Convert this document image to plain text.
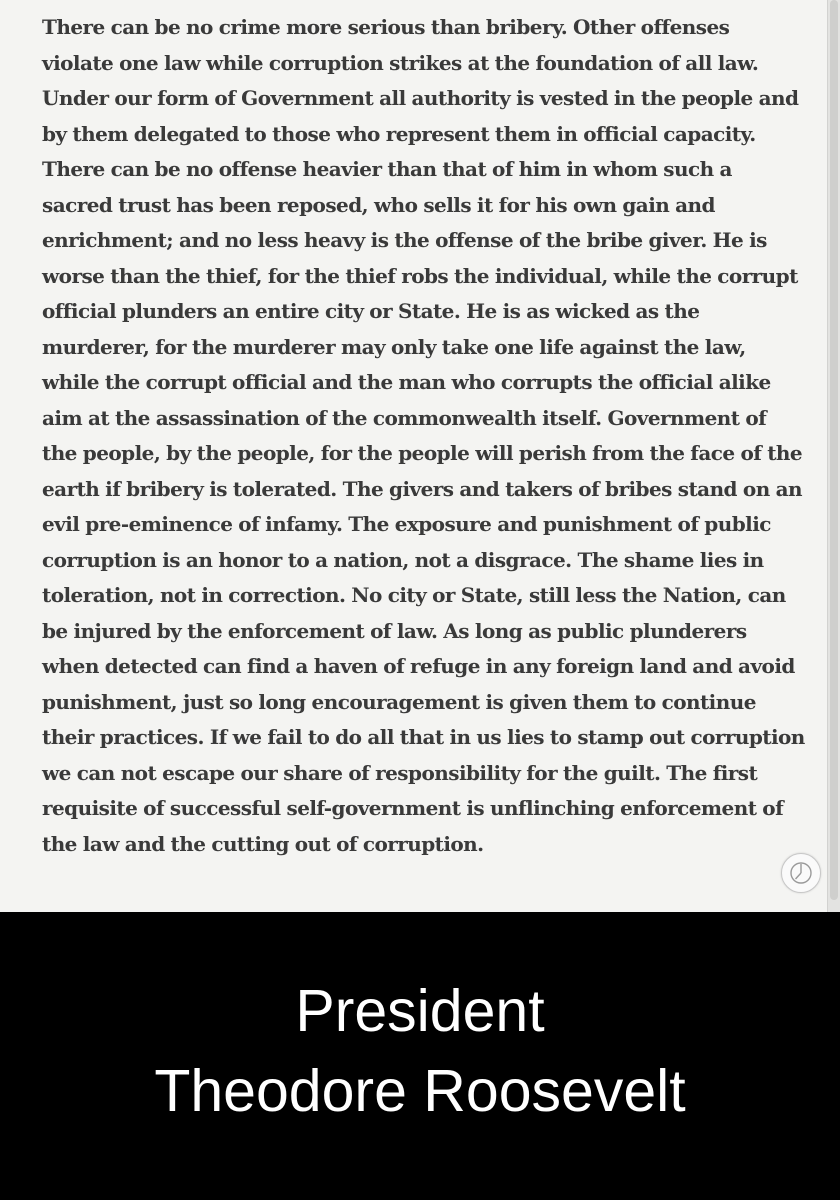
There can be no crime more serious than bribery. Other offenses
violate one law while corruption strikes at the foundation of all law.
Under our form of Government all authority is vested in the people and
by them delegated to those who represent them in official capacity.
There can be no offense heavier than that of him in whom such a
sacred trust has been reposed, who sells it for his own gain and
enrichment; and no less heavy is the offense of the bribe giver. He is
worse than the thief, for the thief robs the individual, while the corrupt
official plunders an entire city or State. He is as wicked as the
murderer, for the murderer may only take one life against the law,
while the corrupt official and the man who corrupts the official alike
aim at the assassination of the commonwealth itself. Government of
the people, by the people, for the people will perish from the face of the
earth if bribery is tolerated. The givers and takers of bribes stand on an
evil pre-eminence of infamy. The exposure and punishment of public
corruption is an honor to a nation, not a disgrace. The shame lies in
toleration, not in correction. No city or State, still less the Nation, can
be injured by the enforcement of law. As long as public plunderers
when detected can find a haven of refuge in any foreign land and avoid
punishment, just so long encouragement is given them to continue
their practices. If we fail to do all that in us lies to stamp out corruption
we can not escape our share of responsibility for the guilt. The first
requisite of successful self-government is unflinching enforcement of
the law and the cutting out of corruption.

President
Theodore Roosevelt
